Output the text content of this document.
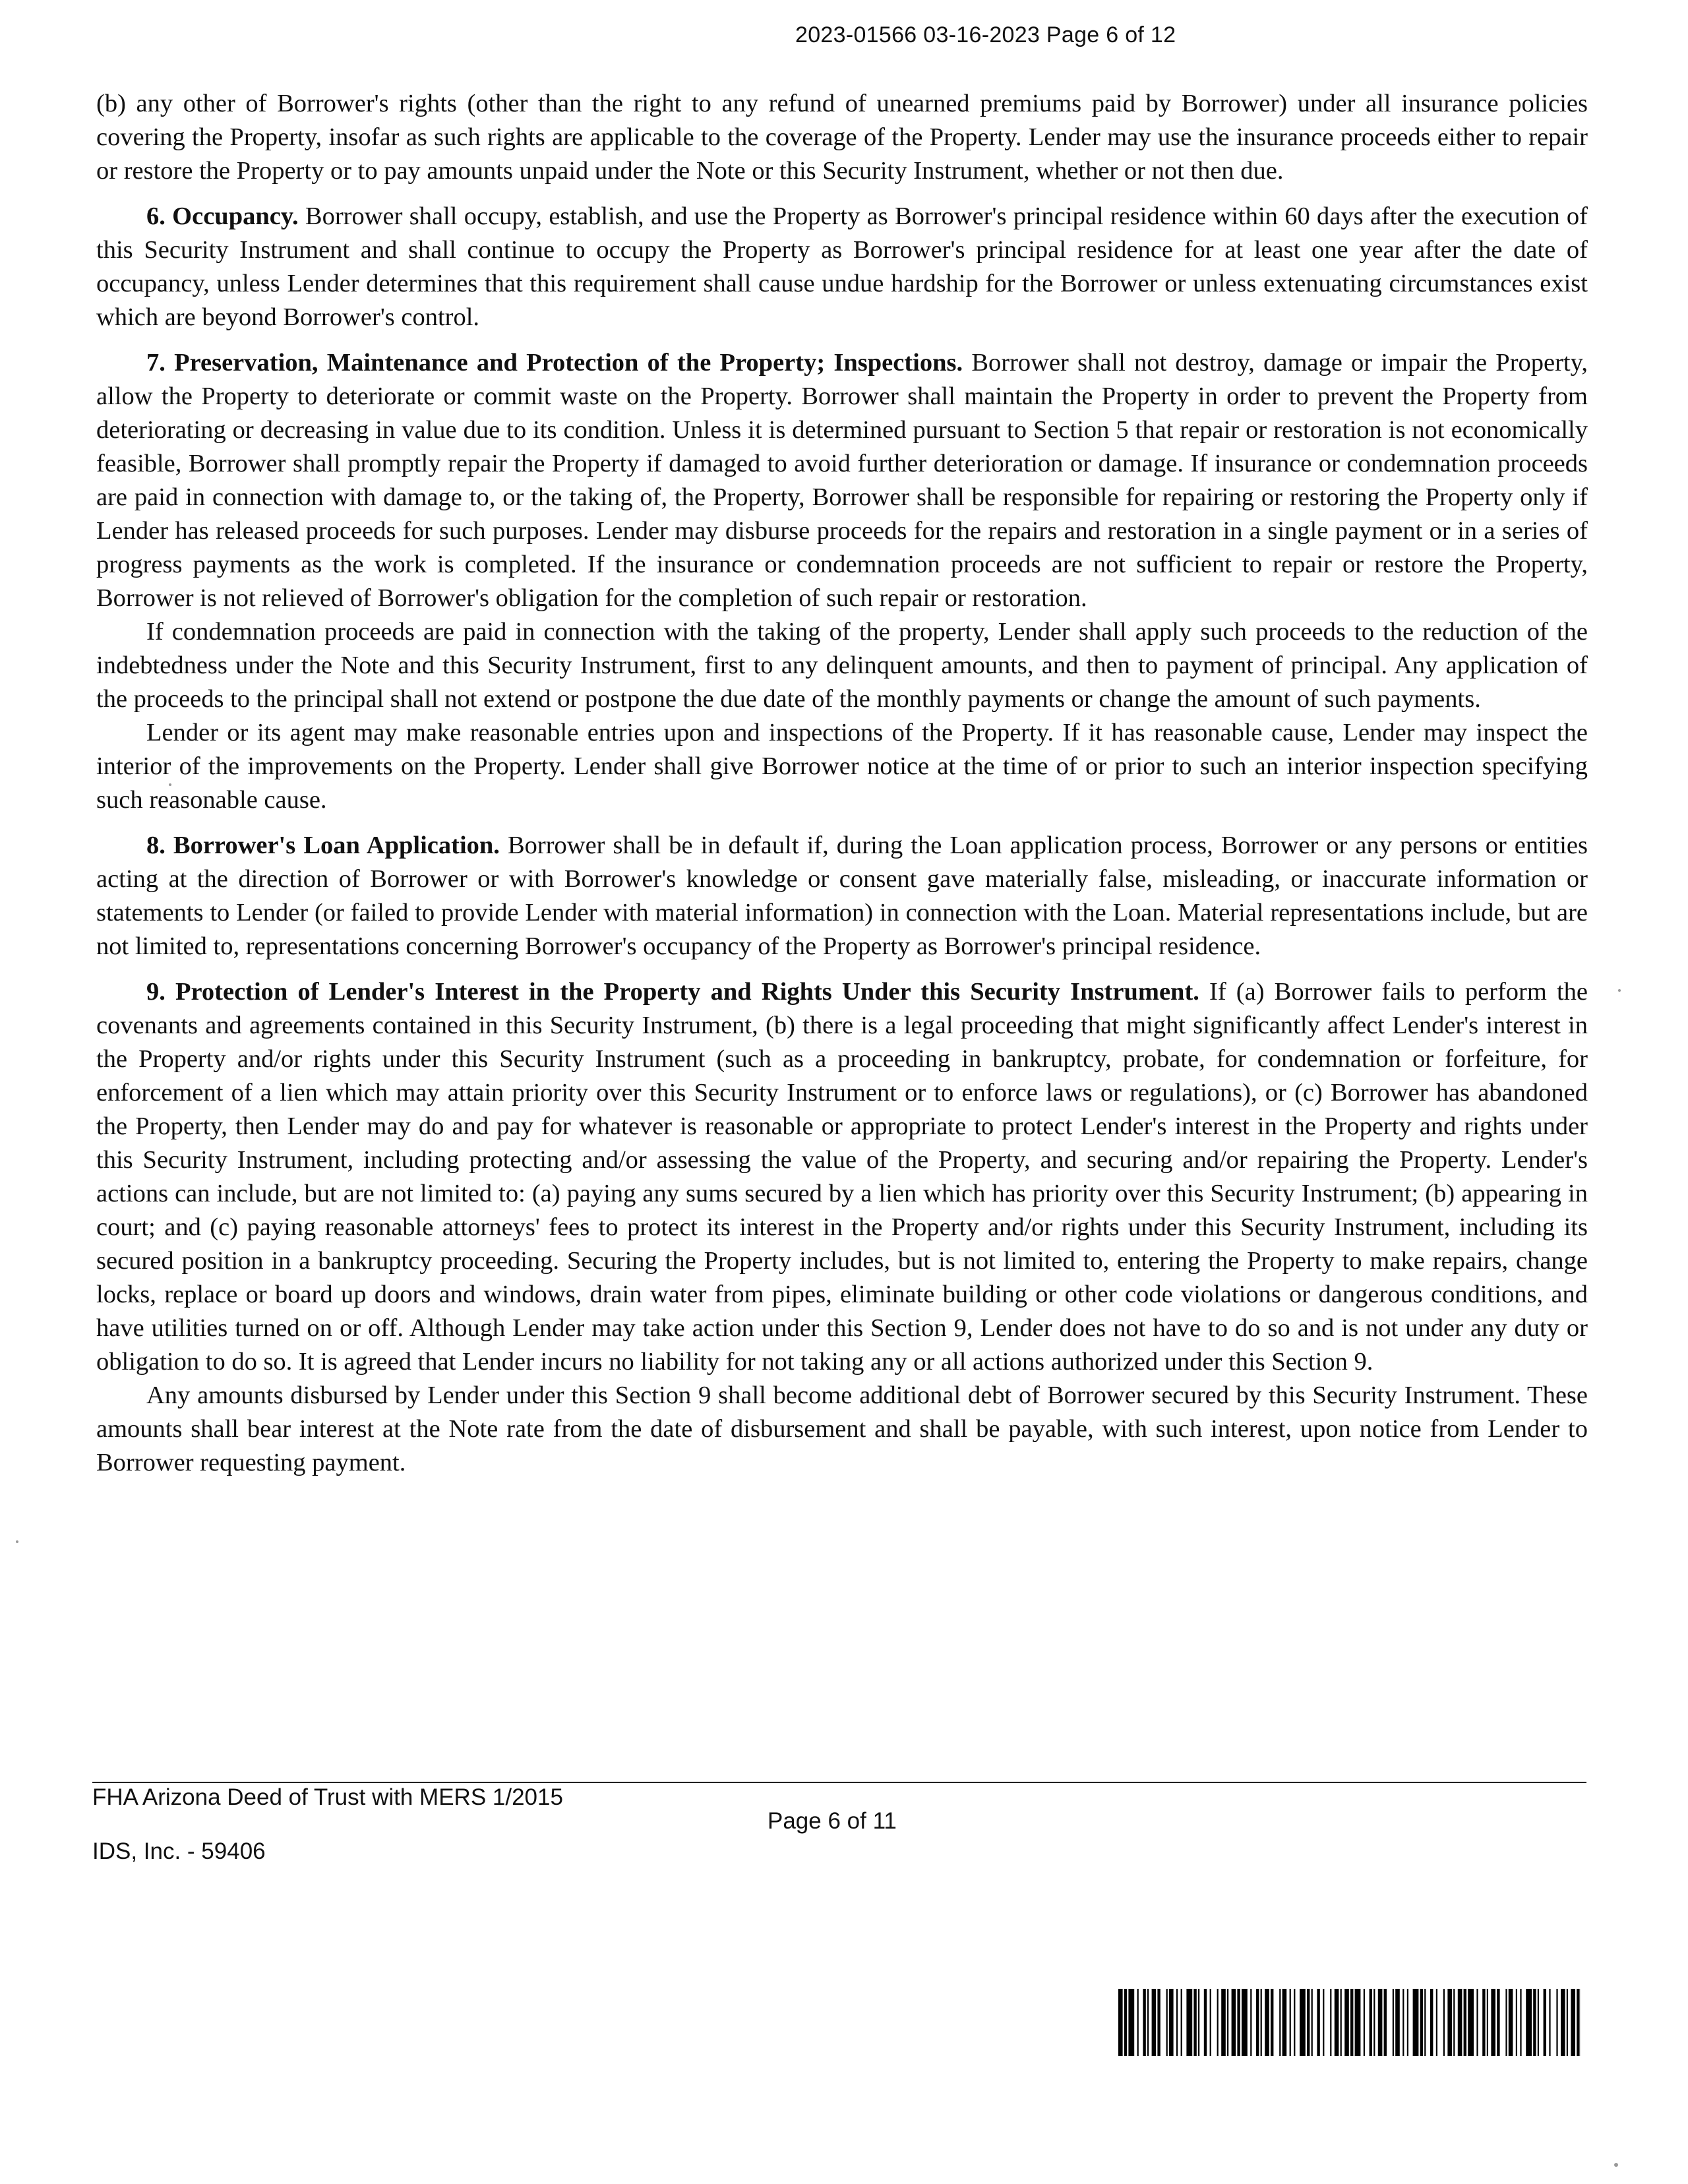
2023-01566 03-16-2023 Page 6 of 12

(b) any other of Borrower's rights (other than the right to any refund of unearned premiums paid by Borrower) under all insurance policies covering the Property, insofar as such rights are applicable to the coverage of the Property. Lender may use the insurance proceeds either to repair or restore the Property or to pay amounts unpaid under the Note or this Security Instrument, whether or not then due.

6. Occupancy. Borrower shall occupy, establish, and use the Property as Borrower's principal residence within 60 days after the execution of this Security Instrument and shall continue to occupy the Property as Borrower's principal residence for at least one year after the date of occupancy, unless Lender determines that this requirement shall cause undue hardship for the Borrower or unless extenuating circumstances exist which are beyond Borrower's control.

7. Preservation, Maintenance and Protection of the Property; Inspections. Borrower shall not destroy, damage or impair the Property, allow the Property to deteriorate or commit waste on the Property. Borrower shall maintain the Property in order to prevent the Property from deteriorating or decreasing in value due to its condition. Unless it is determined pursuant to Section 5 that repair or restoration is not economically feasible, Borrower shall promptly repair the Property if damaged to avoid further deterioration or damage. If insurance or condemnation proceeds are paid in connection with damage to, or the taking of, the Property, Borrower shall be responsible for repairing or restoring the Property only if Lender has released proceeds for such purposes. Lender may disburse proceeds for the repairs and restoration in a single payment or in a series of progress payments as the work is completed. If the insurance or condemnation proceeds are not sufficient to repair or restore the Property, Borrower is not relieved of Borrower's obligation for the completion of such repair or restoration.

If condemnation proceeds are paid in connection with the taking of the property, Lender shall apply such proceeds to the reduction of the indebtedness under the Note and this Security Instrument, first to any delinquent amounts, and then to payment of principal. Any application of the proceeds to the principal shall not extend or postpone the due date of the monthly payments or change the amount of such payments.

Lender or its agent may make reasonable entries upon and inspections of the Property. If it has reasonable cause, Lender may inspect the interior of the improvements on the Property. Lender shall give Borrower notice at the time of or prior to such an interior inspection specifying such reasonable cause.

8. Borrower's Loan Application. Borrower shall be in default if, during the Loan application process, Borrower or any persons or entities acting at the direction of Borrower or with Borrower's knowledge or consent gave materially false, misleading, or inaccurate information or statements to Lender (or failed to provide Lender with material information) in connection with the Loan. Material representations include, but are not limited to, representations concerning Borrower's occupancy of the Property as Borrower's principal residence.

9. Protection of Lender's Interest in the Property and Rights Under this Security Instrument. If (a) Borrower fails to perform the covenants and agreements contained in this Security Instrument, (b) there is a legal proceeding that might significantly affect Lender's interest in the Property and/or rights under this Security Instrument (such as a proceeding in bankruptcy, probate, for condemnation or forfeiture, for enforcement of a lien which may attain priority over this Security Instrument or to enforce laws or regulations), or (c) Borrower has abandoned the Property, then Lender may do and pay for whatever is reasonable or appropriate to protect Lender's interest in the Property and rights under this Security Instrument, including protecting and/or assessing the value of the Property, and securing and/or repairing the Property. Lender's actions can include, but are not limited to: (a) paying any sums secured by a lien which has priority over this Security Instrument; (b) appearing in court; and (c) paying reasonable attorneys' fees to protect its interest in the Property and/or rights under this Security Instrument, including its secured position in a bankruptcy proceeding. Securing the Property includes, but is not limited to, entering the Property to make repairs, change locks, replace or board up doors and windows, drain water from pipes, eliminate building or other code violations or dangerous conditions, and have utilities turned on or off. Although Lender may take action under this Section 9, Lender does not have to do so and is not under any duty or obligation to do so. It is agreed that Lender incurs no liability for not taking any or all actions authorized under this Section 9.

Any amounts disbursed by Lender under this Section 9 shall become additional debt of Borrower secured by this Security Instrument. These amounts shall bear interest at the Note rate from the date of disbursement and shall be payable, with such interest, upon notice from Lender to Borrower requesting payment.

FHA Arizona Deed of Trust with MERS 1/2015
Page 6 of 11
IDS, Inc. - 59406
